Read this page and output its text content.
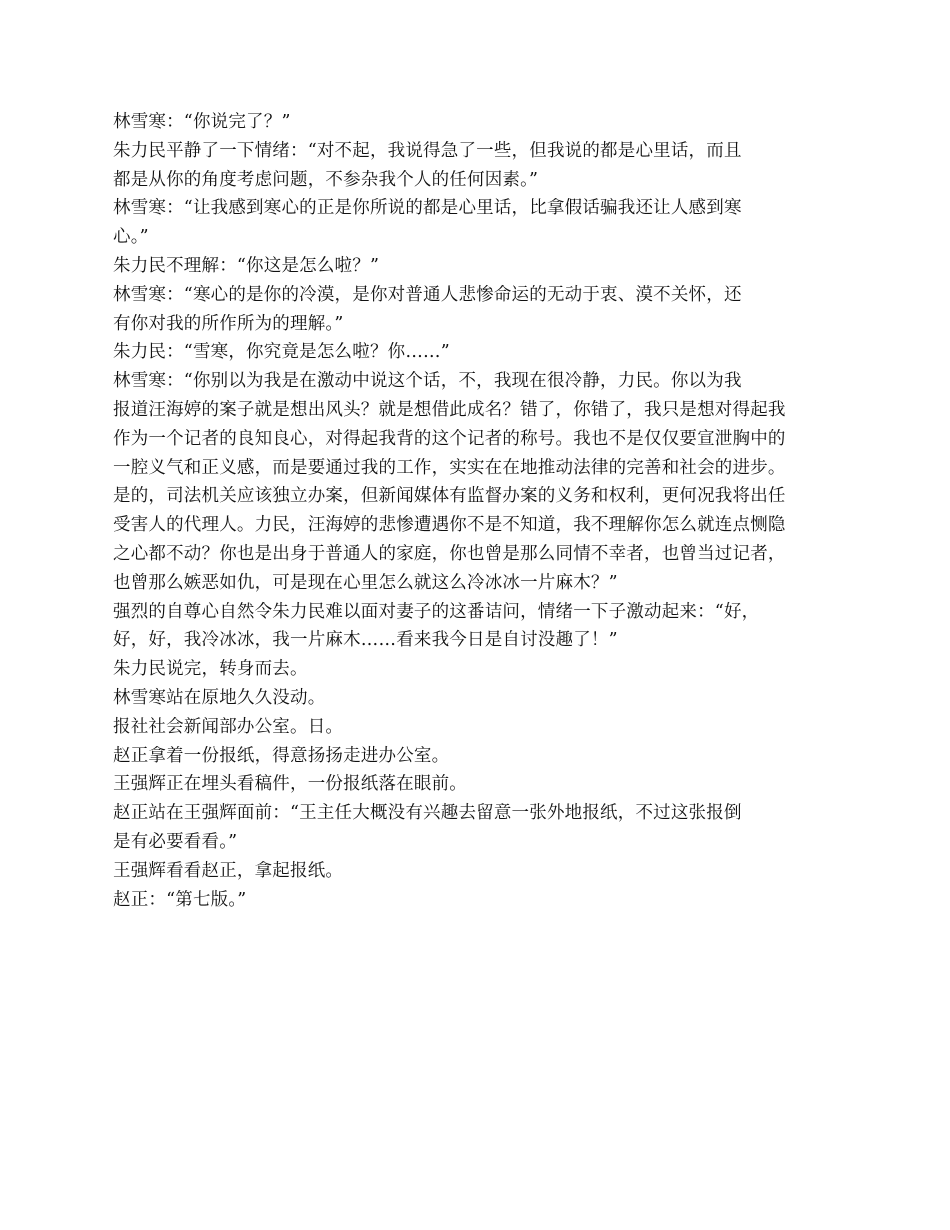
林雪寒：“你说完了？”
朱力民平静了一下情绪：“对不起，我说得急了一些，但我说的都是心里话，而且
都是从你的角度考虑问题，不参杂我个人的任何因素。”
林雪寒：“让我感到寒心的正是你所说的都是心里话，比拿假话骗我还让人感到寒
心。”
朱力民不理解：“你这是怎么啦？”
林雪寒：“寒心的是你的冷漠，是你对普通人悲惨命运的无动于衷、漠不关怀，还
有你对我的所作所为的理解。”
朱力民：“雪寒，你究竟是怎么啦？你……”
林雪寒：“你别以为我是在激动中说这个话，不，我现在很冷静，力民。你以为我
报道汪海婷的案子就是想出风头？就是想借此成名？错了，你错了，我只是想对得起我
作为一个记者的良知良心，对得起我背的这个记者的称号。我也不是仅仅要宣泄胸中的
一腔义气和正义感，而是要通过我的工作，实实在在地推动法律的完善和社会的进步。
是的，司法机关应该独立办案，但新闻媒体有监督办案的义务和权利，更何况我将出任
受害人的代理人。力民，汪海婷的悲惨遭遇你不是不知道，我不理解你怎么就连点恻隐
之心都不动？你也是出身于普通人的家庭，你也曾是那么同情不幸者，也曾当过记者，
也曾那么嫉恶如仇，可是现在心里怎么就这么冷冰冰一片麻木？”
强烈的自尊心自然令朱力民难以面对妻子的这番诘问，情绪一下子激动起来：“好，
好，好，我冷冰冰，我一片麻木……看来我今日是自讨没趣了！”
朱力民说完，转身而去。
林雪寒站在原地久久没动。
报社社会新闻部办公室。日。
赵正拿着一份报纸，得意扬扬走进办公室。
王强辉正在埋头看稿件，一份报纸落在眼前。
赵正站在王强辉面前：“王主任大概没有兴趣去留意一张外地报纸，不过这张报倒
是有必要看看。”
王强辉看看赵正，拿起报纸。
赵正：“第七版。”
